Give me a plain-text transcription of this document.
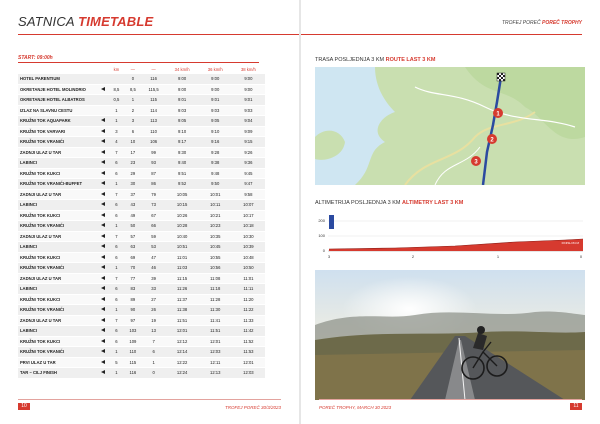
SATNICA TIMETABLE
START: 09:00h
		km	—	—	34 km/h	36 km/h	38 km/h
HOTEL PARENTIUM			0	116	9:00	9:00	9:00
OKRETANJE HOTEL MOLINDRIO		8,5	8,5	115,5	9:00	9:00	9:00
OKRETANJE HOTEL ALBATROS		0,5	1	115	9:01	9:01	9:01
IZLAZ NA SLAVNU CESTU		1	2	114	9:03	9:03	9:03
KRUŽNI TOK AQUAPARK		1	3	113	9:05	9:05	9:04
KRUŽNI TOK VARVARI		3	6	110	9:10	9:10	9:09
KRUŽNI TOK VRANIĆI		4	10	106	9:17	9:16	9:15
ZADNJI ULAZ U TAR		7	17	99	9:30	9:28	9:26
LABINCI		6	23	93	9:40	9:38	9:36
KRUŽNI TOK KUKCI		6	29	87	9:51	9:48	9:45
KRUŽNI TOK VRANIĆI-BUFFET		1	30	86	9:52	9:50	9:47
ZADNJI ULAZ U TAR		7	37	79	10:05	10:01	9:58
LABINCI		6	43	73	10:15	10:11	10:07
KRUŽNI TOK KUKCI		6	49	67	10:26	10:21	10:17
KRUŽNI TOK VRANIĆI		1	50	66	10:28	10:23	10:18
ZADNJI ULAZ U TAR		7	57	59	10:40	10:35	10:30
LABINCI		6	63	53	10:51	10:45	10:39
KRUŽNI TOK KUKCI		6	69	47	11:01	10:55	10:48
KRUŽNI TOK VRANIĆI		1	70	46	11:03	10:56	10:50
ZADNJI ULAZ U TAR		7	77	39	11:15	11:08	11:01
LABINCI		6	83	33	11:26	11:18	11:11
KRUŽNI TOK KUKCI		6	89	27	11:37	11:28	11:20
KRUŽNI TOK VRANIĆI		1	90	26	11:38	11:30	11:22
ZADNJI ULAZ U TAR		7	97	19	11:51	11:41	11:33
LABINCI		6	103	13	12:01	11:51	11:42
KRUŽNI TOK KUKCI		6	109	7	12:12	12:01	11:52
KRUŽNI TOK VRANIĆI		1	110	6	12:14	12:03	11:53
PRVI ULAZ U TAR		5	115	1	12:22	12:11	12:01
TAR – CILJ FINISH		1	116	0	12:24	12:13	12:03
10	TROFEJ POREČ 30/3/2023
TROFEJ POREČ POREČ TROPHY
TRASA POSLJEDNJA 3 KM ROUTE LAST 3 KM
1
2
3
ALTIMETRIJA POSLJEDNJA 3 KM ALTIMETRY LAST 3 KM
200
100
0
FINISH 84 M
3	2	1	0
POREČ TROPHY, MARCH 30 2023	11
